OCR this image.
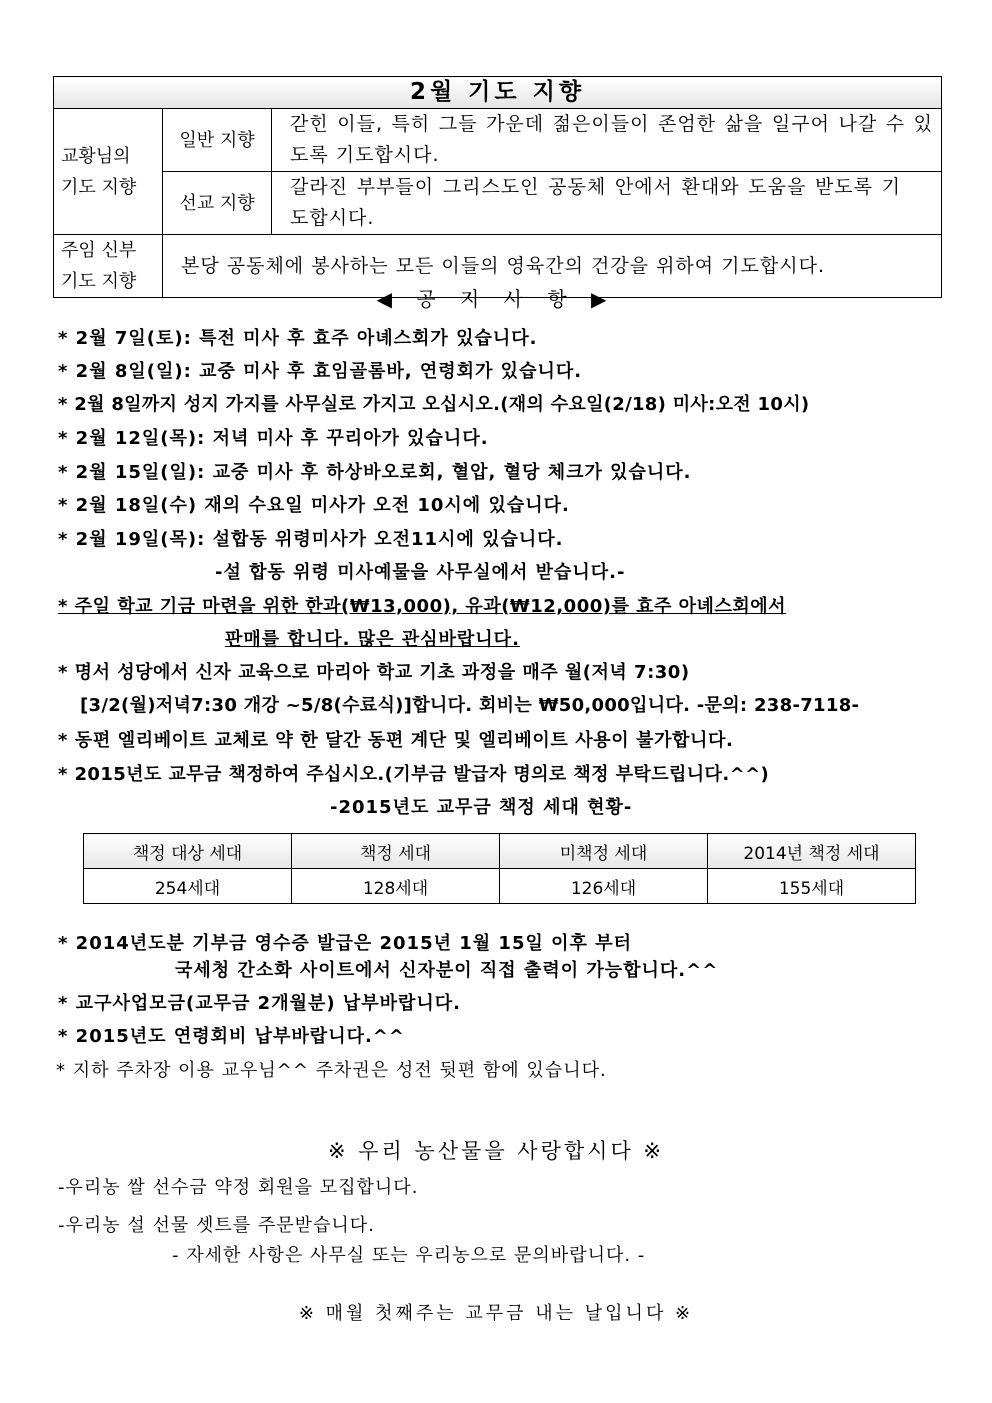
2월 기도 지향		
교황님의
기도 지향	일반 지향	갇힌 이들, 특히 그들 가운데 젊은이들이 존엄한 삶을 일구어 나갈 수 있도록 기도합시다.
	선교 지향	갈라진 부부들이 그리스도인 공동체 안에서 환대와 도움을 받도록 기도합시다.
주임 신부
기도 지향	본당 공동체에 봉사하는 모든 이들의 영육간의 건강을 위하여 기도합시다.	
◀ 공 지 사 항 ▶
* 2월 7일(토): 특전 미사 후 효주 아녜스회가 있습니다.
* 2월 8일(일): 교중 미사 후 효임골롬바, 연령회가 있습니다.
* 2월 8일까지 성지 가지를 사무실로 가지고 오십시오.(재의 수요일(2/18) 미사:오전 10시)
* 2월 12일(목): 저녁 미사 후 꾸리아가 있습니다.
* 2월 15일(일): 교중 미사 후 하상바오로회, 혈압, 혈당 체크가 있습니다.
* 2월 18일(수) 재의 수요일 미사가 오전 10시에 있습니다.
* 2월 19일(목): 설합동 위령미사가 오전11시에 있습니다.
-설 합동 위령 미사예물을 사무실에서 받습니다.-
* 주일 학교 기금 마련을 위한 한과(₩13,000), 유과(₩12,000)를 효주 아녜스회에서
판매를 합니다. 많은 관심바랍니다.
* 명서 성당에서 신자 교육으로 마리아 학교 기초 과정을 매주 월(저녁 7:30)
[3/2(월)저녁7:30 개강 ~5/8(수료식)]합니다. 회비는 ₩50,000입니다. -문의: 238-7118-
* 동편 엘리베이트 교체로 약 한 달간 동편 계단 및 엘리베이트 사용이 불가합니다.
* 2015년도 교무금 책정하여 주십시오.(기부금 발급자 명의로 책정 부탁드립니다.^^)
-2015년도 교무금 책정 세대 현황-
책정 대상 세대	책정 세대	미책정 세대	2014년 책정 세대
254세대	128세대	126세대	155세대
* 2014년도분 기부금 영수증 발급은 2015년 1월 15일 이후 부터
국세청 간소화 사이트에서 신자분이 직접 출력이 가능합니다.^^
* 교구사업모금(교무금 2개월분) 납부바랍니다.
* 2015년도 연령회비 납부바랍니다.^^
* 지하 주차장 이용 교우님^^ 주차권은 성전 뒷편 함에 있습니다.
※ 우리 농산물을 사랑합시다 ※
-우리농 쌀 선수금 약정 회원을 모집합니다.
-우리농 설 선물 셋트를 주문받습니다.
- 자세한 사항은 사무실 또는 우리농으로 문의바랍니다. -
※ 매월 첫째주는 교무금 내는 날입니다 ※
